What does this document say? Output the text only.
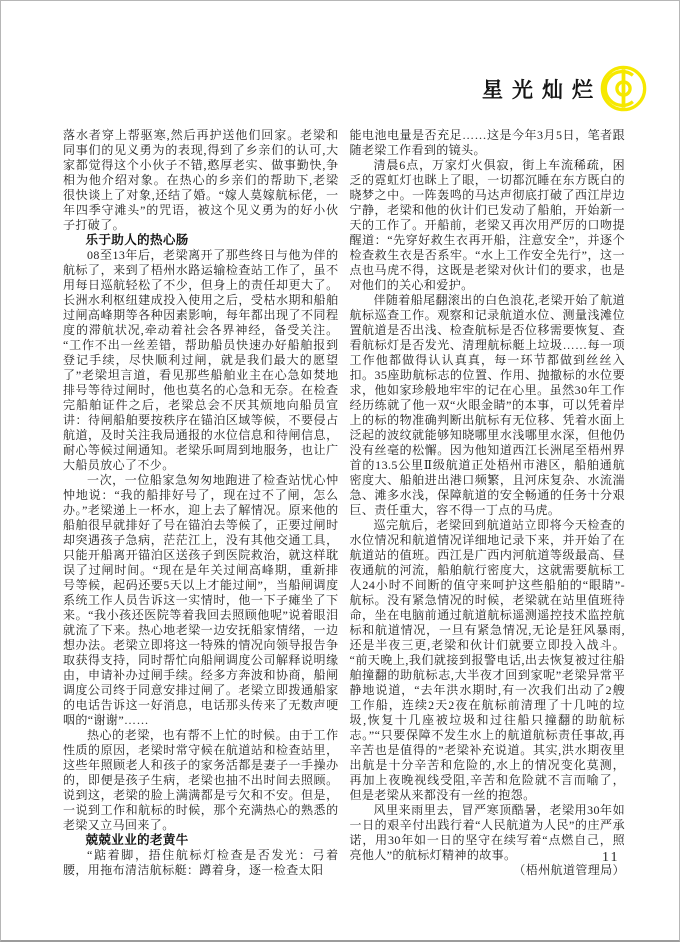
星光灿烂

落水者穿上帮驱寒,然后再护送他们回家。老梁和同事们的见义勇为的表现,得到了乡亲们的认可,大家都觉得这个小伙子不错,憨厚老实、做事勤快,争相为他介绍对象。在热心的乡亲们的帮助下,老梁很快谈上了对象,还结了婚。“嫁人莫嫁航标佬，一年四季守滩头”的咒语，被这个见义勇为的好小伙子打破了。

乐于助人的热心肠

08至13年后，老梁离开了那些终日与他为伴的航标了，来到了梧州水路运输检查站工作了，虽不用每日巡航轻松了不少，但身上的责任却更大了。长洲水利枢纽建成投入使用之后，受枯水期和船舶过闸高峰期等各种因素影响，每年都出现了不同程度的滞航状况,牵动着社会各界神经，备受关注。“工作不出一丝差错，帮助船员快速办好船舶报到登记手续，尽快顺利过闸，就是我们最大的愿望了”老梁坦言道，看见那些船舶业主在心急如焚地排号等待过闸时，他也莫名的心急和无奈。在检查完船舶证件之后，老梁总会不厌其烦地向船员宣讲：待闸船舶要按秩序在锚泊区域等候，不要侵占航道，及时关注我局通报的水位信息和待闸信息，耐心等候过闸通知。老梁乐呵周到地服务，也让广大船员放心了不少。

一次，一位船家急匆匆地跑进了检查站忧心忡忡地说：“我的船排好号了，现在过不了闸，怎么办。”老梁递上一杯水，迎上去了解情况。原来他的船舶很早就排好了号在锚泊去等候了，正要过闸时却突遇孩子急病，茫茫江上，没有其他交通工具，只能开船离开锚泊区送孩子到医院救治，就这样耽误了过闸时间。“现在是年关过闸高峰期，重新排号等候，起码还要5天以上才能过闸”，当船闸调度系统工作人员告诉这一实情时，他一下子瘫坐了下来。“我小孩还医院等着我回去照顾他呢”说着眼泪就流了下来。热心地老梁一边安抚船家情绪，一边想办法。老梁立即将这一特殊的情况向领导报告争取获得支持，同时帮忙向船闸调度公司解释说明缘由，申请补办过闸手续。经多方奔波和协商，船闸调度公司终于同意安排过闸了。老梁立即拨通船家的电话告诉这一好消息，电话那头传来了无数声哽咽的“谢谢”……

热心的老梁，也有帮不上忙的时候。由于工作性质的原因，老梁时常守候在航道站和检查站里，这些年照顾老人和孩子的家务活都是妻子一手操办的，即便是孩子生病，老梁也抽不出时间去照顾。说到这，老梁的脸上满满都是亏欠和不安。但是，一说到工作和航标的时候，那个充满热心的熟悉的老梁又立马回来了。

兢兢业业的老黄牛

“踮着脚，捂住航标灯检查是否发光：弓着腰，用拖布清洁航标艇：蹲着身，逐一检查太阳

能电池电量是否充足……这是今年3月5日，笔者跟随老梁工作看到的镜头。

清晨6点，万家灯火俱寂，街上车流稀疏，困乏的霓虹灯也眯上了眼，一切都沉睡在东方既白的晓梦之中。一阵轰鸣的马达声彻底打破了西江岸边宁静，老梁和他的伙计们已发动了船舶，开始新一天的工作了。开船前，老梁又再次用严厉的口吻提醒道：“先穿好救生衣再开船，注意安全”，并逐个检查救生衣是否系牢。“水上工作安全先行”，这一点也马虎不得，这既是老梁对伙计们的要求，也是对他们的关心和爱护。

伴随着船尾翻滚出的白色浪花,老梁开始了航道航标巡查工作。观察和记录航道水位、测量浅滩位置航道是否出浅、检查航标是否位移需要恢复、查看航标灯是否发光、清理航标艇上垃圾……每一项工作他都做得认认真真，每一环节都做到丝丝入扣。35座助航标志的位置、作用、抛撤标的水位要求，他如家珍般地牢牢的记在心里。虽然30年工作经历练就了他一双“火眼金睛”的本事，可以凭着岸上的标的物准确判断出航标有无位移、凭着水面上泛起的波纹就能够知晓哪里水浅哪里水深，但他仍没有丝毫的松懈。因为他知道西江长洲尾至梧州界首的13.5公里Ⅱ级航道正处梧州市港区，船舶通航密度大、船舶进出港口频繁，且河床复杂、水流湍急、滩多水浅，保障航道的安全畅通的任务十分艰巨、责任重大，容不得一丁点的马虎。

巡完航后，老梁回到航道站立即将今天检查的水位情况和航道情况详细地记录下来，并开始了在航道站的值班。西江是广西内河航道等级最高、昼夜通航的河流，船舶航行密度大，这就需要航标工人24小时不间断的值守来呵护这些船舶的“眼睛”-航标。没有紧急情况的时候，老梁就在站里值班待命，坐在电脑前通过航道航标遥测遥控技术监控航标和航道情况，一旦有紧急情况,无论是狂风暴雨,还是半夜三更,老梁和伙计们就要立即投入战斗。“前天晚上,我们就接到报警电话,出去恢复被过往船舶撞翻的助航标志,大半夜才回到家呢”老梁异常平静地说道，“去年洪水期时,有一次我们出动了2艘工作船，连续2天2夜在航标前清理了十几吨的垃圾,恢复十几座被垃圾和过往船只撞翻的助航标志。”“只要保障不发生水上的航道航标责任事故,再辛苦也是值得的”老梁补充说道。其实,洪水期夜里出航是十分辛苦和危险的,水上的情况变化莫测，再加上夜晚视线受阻,辛苦和危险就不言而喻了，但是老梁从来都没有一丝的抱怨。

风里来雨里去，冒严寒顶酷暑，老梁用30年如一日的艰辛付出践行着“人民航道为人民”的庄严承诺，用30年如一日的坚守在续写着“点燃自己，照亮他人”的航标灯精神的故事。

（梧州航道管理局）

11
